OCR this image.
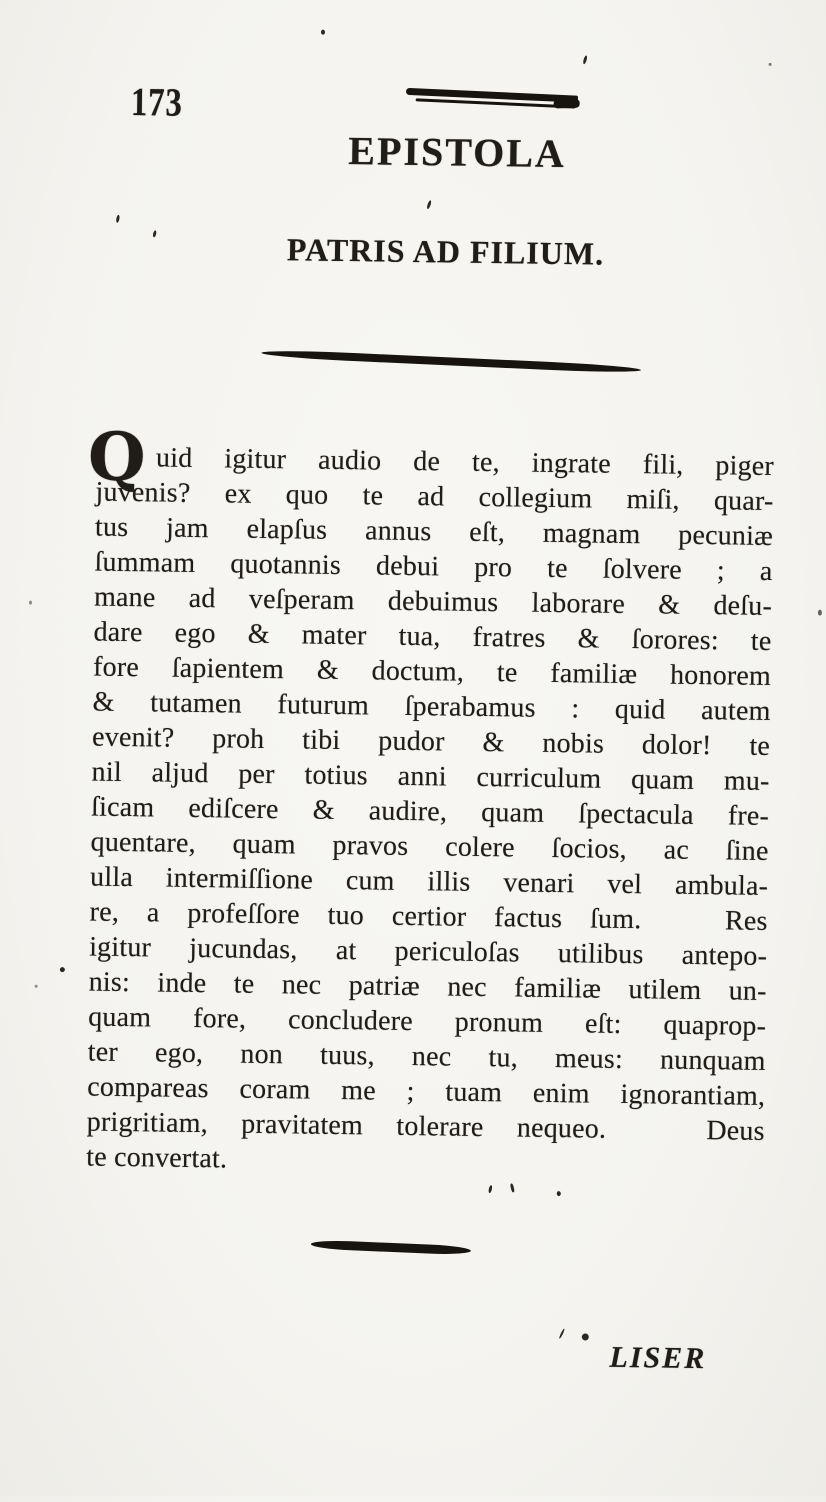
173
EPISTOLA
PATRIS AD FILIUM.
Q uid igitur audio de te, ingrate fili, piger
juvenis? ex quo te ad collegium miſi, quar-
tus jam elapſus annus eſt, magnam pecuniæ
ſummam quotannis debui pro te ſolvere ; a
mane ad veſperam debuimus laborare & deſu-
dare ego & mater tua, fratres & ſorores: te
fore ſapientem & doctum, te familiæ honorem
& tutamen futurum ſperabamus : quid autem
evenit? proh tibi pudor & nobis dolor! te
nil aljud per totius anni curriculum quam mu-
ſicam ediſcere & audire, quam ſpectacula fre-
quentare, quam pravos colere ſocios, ac ſine
ulla intermiſſione cum illis venari vel ambula-
re, a profeſſore tuo certior factus ſum.   Res
igitur jucundas, at periculoſas utilibus antepo-
nis: inde te nec patriæ nec familiæ utilem un-
quam fore, concludere pronum eſt: quaprop-
ter ego, non tuus, nec tu, meus: nunquam
compareas coram me ; tuam enim ignorantiam,
prigritiam, pravitatem tolerare nequeo.   Deus
te convertat.
LISER
